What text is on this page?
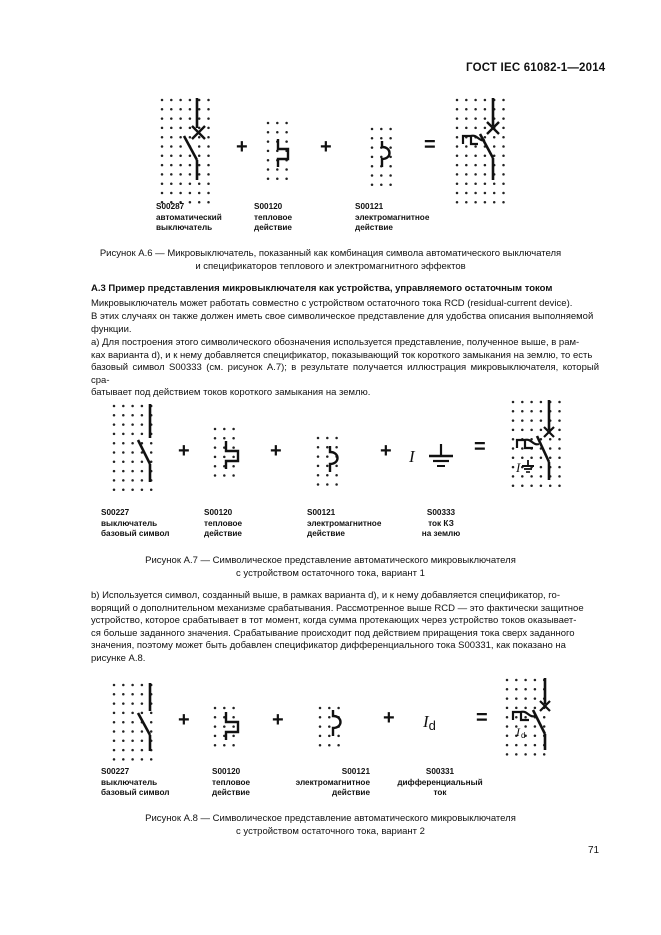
ГОСТ IEC 61082-1—2014
+	+	=
S00287
автоматический
выключатель
S00120
тепловое
действие
S00121
электромагнитное
действие
Рисунок А.6 — Микровыключатель, показанный как комбинация символа автоматического выключателя
и спецификаторов теплового и электромагнитного эффектов
А.3 Пример представления микровыключателя как устройства, управляемого остаточным током
Микровыключатель может работать совместно с устройством остаточного тока RCD (residual-current device).
В этих случаях он также должен иметь свое символическое представление для удобства описания выполняемой
функции.
а) Для построения этого символического обозначения используется представление, полученное выше, в рам-
ках варианта d), и к нему добавляется спецификатор, показывающий ток короткого замыкания на землю, то есть
базовый символ S00333 (см. рисунок А.7); в результате получается иллюстрация микровыключателя, который сра-
батывает под действием токов короткого замыкания на землю.
+	+	+ I	=
I
S00227
выключатель
базовый символ
S00120
тепловое
действие
S00121
электромагнитное
действие
S00333
ток КЗ
на землю
Рисунок А.7 — Символическое представление автоматического микровыключателя
с устройством остаточного тока, вариант 1
b) Используется символ, созданный выше, в рамках варианта d), и к нему добавляется спецификатор, го-
ворящий о дополнительном механизме срабатывания. Рассмотренное выше RCD — это фактически защитное
устройство, которое срабатывает в тот момент, когда сумма протекающих через устройство токов оказывает-
ся больше заданного значения. Срабатывание происходит под действием приращения тока сверх заданного
значения, поэтому может быть добавлен спецификатор дифференциального тока S00331, как показано на
рисунке А.8.
+	+	+ Id =
I d
S00227
выключатель
базовый символ
S00120
тепловое
действие
S00121
электромагнитное
действие
S00331
дифференциальный
ток
Рисунок А.8 — Символическое представление автоматического микровыключателя
с устройством остаточного тока, вариант 2
71
